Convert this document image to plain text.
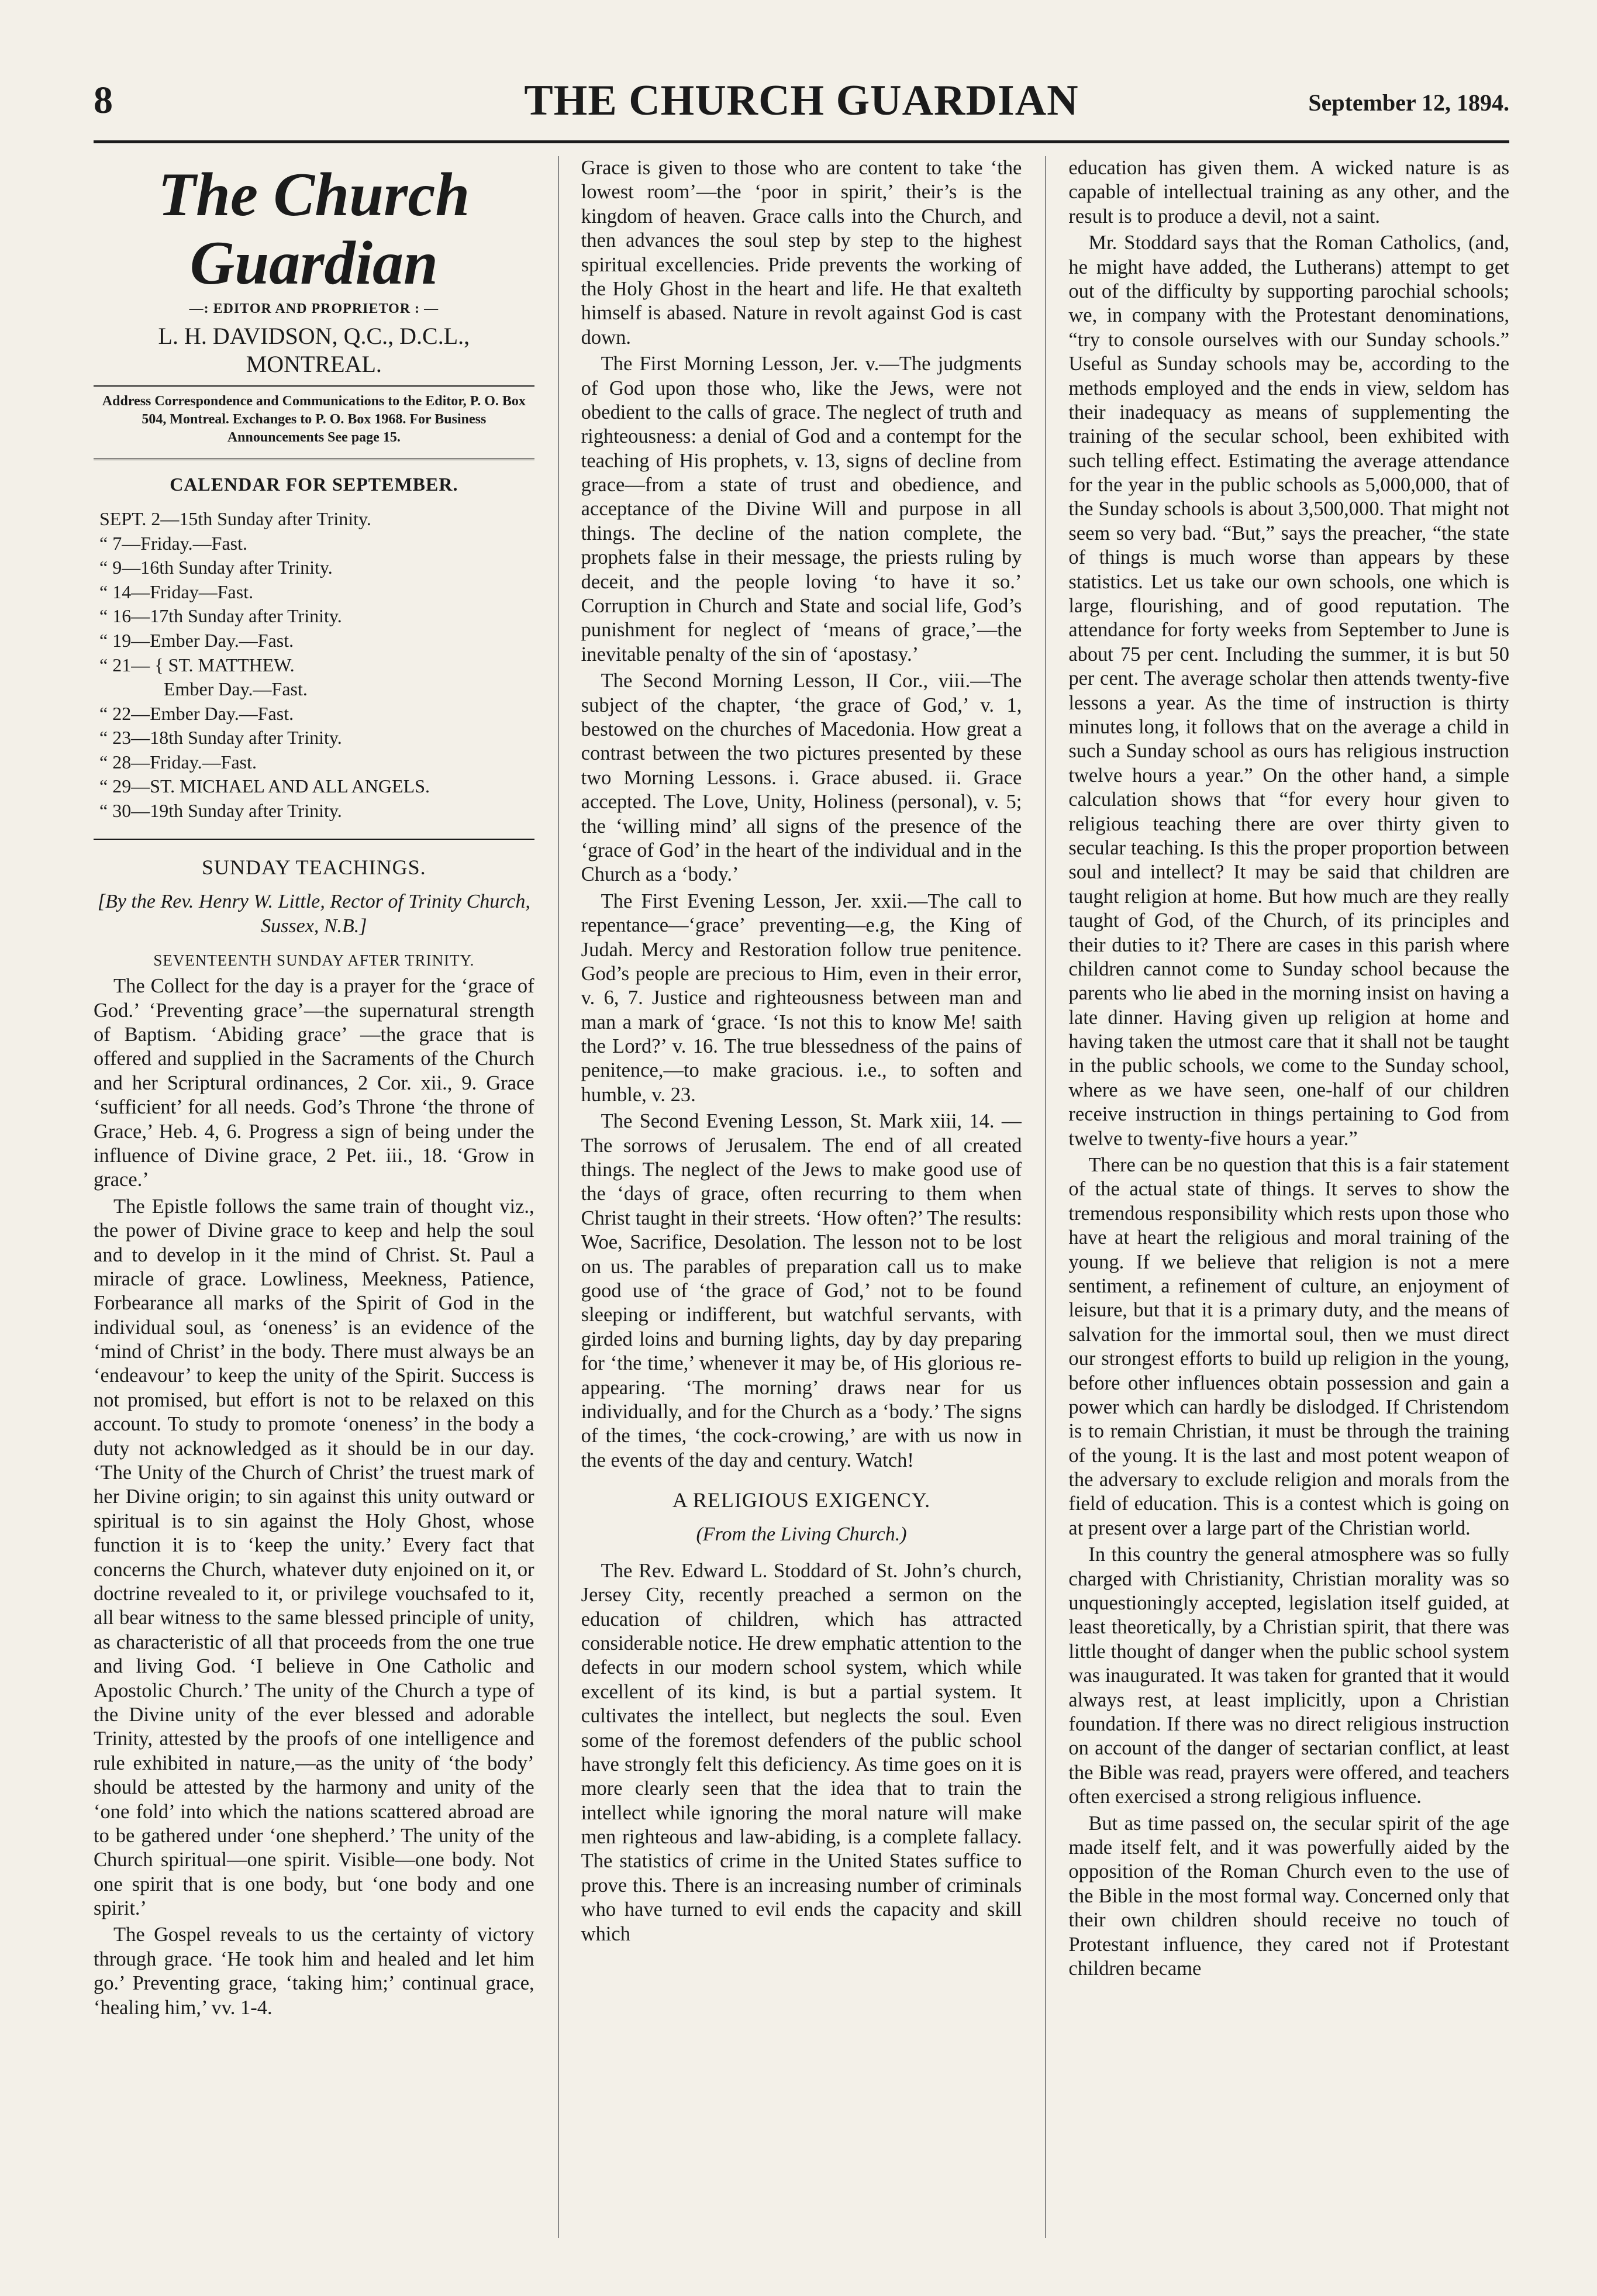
8	THE CHURCH GUARDIAN	September 12, 1894.
The Church Guardian
—: EDITOR AND PROPRIETOR : —
L. H. DAVIDSON, Q.C., D.C.L., MONTREAL.
Address Correspondence and Communications to the Editor, P. O. Box 504, Montreal. Exchanges to P. O. Box 1968. For Business Announcements See page 15.
CALENDAR FOR SEPTEMBER.
SEPT. 2—15th Sunday after Trinity.
“ 7—Friday.—Fast.
“ 9—16th Sunday after Trinity.
“ 14—Friday—Fast.
“ 16—17th Sunday after Trinity.
“ 19—Ember Day.—Fast.
“ 21— { ST. MATTHEW.
Ember Day.—Fast.
“ 22—Ember Day.—Fast.
“ 23—18th Sunday after Trinity.
“ 28—Friday.—Fast.
“ 29—ST. MICHAEL AND ALL ANGELS.
“ 30—19th Sunday after Trinity.
SUNDAY TEACHINGS.
[By the Rev. Henry W. Little, Rector of Trinity Church, Sussex, N.B.]
SEVENTEENTH SUNDAY AFTER TRINITY.

The Collect for the day is a prayer for the ‘grace of God.’ ‘Preventing grace’—the supernatural strength of Baptism. ‘Abiding grace’ —the grace that is offered and supplied in the Sacraments of the Church and her Scriptural ordinances, 2 Cor. xii., 9. Grace ‘sufficient’ for all needs. God’s Throne ‘the throne of Grace,’ Heb. 4, 6. Progress a sign of being under the influence of Divine grace, 2 Pet. iii., 18. ‘Grow in grace.’

The Epistle follows the same train of thought viz., the power of Divine grace to keep and help the soul and to develop in it the mind of Christ. St. Paul a miracle of grace. Lowliness, Meekness, Patience, Forbearance all marks of the Spirit of God in the individual soul, as ‘oneness’ is an evidence of the ‘mind of Christ’ in the body. There must always be an ‘endeavour’ to keep the unity of the Spirit. Success is not promised, but effort is not to be relaxed on this account. To study to promote ‘oneness’ in the body a duty not acknowledged as it should be in our day. ‘The Unity of the Church of Christ’ the truest mark of her Divine origin; to sin against this unity outward or spiritual is to sin against the Holy Ghost, whose function it is to ‘keep the unity.’ Every fact that concerns the Church, whatever duty enjoined on it, or doctrine revealed to it, or privilege vouchsafed to it, all bear witness to the same blessed principle of unity, as characteristic of all that proceeds from the one true and living God. ‘I believe in One Catholic and Apostolic Church.’ The unity of the Church a type of the Divine unity of the ever blessed and adorable Trinity, attested by the proofs of one intelligence and rule exhibited in nature,—as the unity of ‘the body’ should be attested by the harmony and unity of the ‘one fold’ into which the nations scattered abroad are to be gathered under ‘one shepherd.’ The unity of the Church spiritual—one spirit. Visible—one body. Not one spirit that is one body, but ‘one body and one spirit.’

The Gospel reveals to us the certainty of victory through grace. ‘He took him and healed and let him go.’ Preventing grace, ‘taking him;’ continual grace, ‘healing him,’ vv. 1-4.

Grace is given to those who are content to take ‘the lowest room’—the ‘poor in spirit,’ their’s is the kingdom of heaven. Grace calls into the Church, and then advances the soul step by step to the highest spiritual excellencies. Pride prevents the working of the Holy Ghost in the heart and life. He that exalteth himself is abased. Nature in revolt against God is cast down.

The First Morning Lesson, Jer. v.—The judgments of God upon those who, like the Jews, were not obedient to the calls of grace. The neglect of truth and righteousness: a denial of God and a contempt for the teaching of His prophets, v. 13, signs of decline from grace—from a state of trust and obedience, and acceptance of the Divine Will and purpose in all things. The decline of the nation complete, the prophets false in their message, the priests ruling by deceit, and the people loving ‘to have it so.’ Corruption in Church and State and social life, God’s punishment for neglect of ‘means of grace,’—the inevitable penalty of the sin of ‘apostasy.’

The Second Morning Lesson, II Cor., viii.—The subject of the chapter, ‘the grace of God,’ v. 1, bestowed on the churches of Macedonia. How great a contrast between the two pictures presented by these two Morning Lessons. i. Grace abused. ii. Grace accepted. The Love, Unity, Holiness (personal), v. 5; the ‘willing mind’ all signs of the presence of the ‘grace of God’ in the heart of the individual and in the Church as a ‘body.’

The First Evening Lesson, Jer. xxii.—The call to repentance—‘grace’ preventing—e.g, the King of Judah. Mercy and Restoration follow true penitence. God’s people are precious to Him, even in their error, v. 6, 7. Justice and righteousness between man and man a mark of ‘grace. ‘Is not this to know Me! saith the Lord?’ v. 16. The true blessedness of the pains of penitence,—to make gracious. i.e., to soften and humble, v. 23.

The Second Evening Lesson, St. Mark xiii, 14. —The sorrows of Jerusalem. The end of all created things. The neglect of the Jews to make good use of the ‘days of grace, often recurring to them when Christ taught in their streets. ‘How often?’ The results: Woe, Sacrifice, Desolation. The lesson not to be lost on us. The parables of preparation call us to make good use of ‘the grace of God,’ not to be found sleeping or indifferent, but watchful servants, with girded loins and burning lights, day by day preparing for ‘the time,’ whenever it may be, of His glorious re-appearing. ‘The morning’ draws near for us individually, and for the Church as a ‘body.’ The signs of the times, ‘the cock-crowing,’ are with us now in the events of the day and century. Watch!

A RELIGIOUS EXIGENCY.
(From the Living Church.)

The Rev. Edward L. Stoddard of St. John’s church, Jersey City, recently preached a sermon on the education of children, which has attracted considerable notice. He drew emphatic attention to the defects in our modern school system, which while excellent of its kind, is but a partial system. It cultivates the intellect, but neglects the soul. Even some of the foremost defenders of the public school have strongly felt this deficiency. As time goes on it is more clearly seen that the idea that to train the intellect while ignoring the moral nature will make men righteous and law-abiding, is a complete fallacy. The statistics of crime in the United States suffice to prove this. There is an increasing number of criminals who have turned to evil ends the capacity and skill which

education has given them. A wicked nature is as capable of intellectual training as any other, and the result is to produce a devil, not a saint.

Mr. Stoddard says that the Roman Catholics, (and, he might have added, the Lutherans) attempt to get out of the difficulty by supporting parochial schools; we, in company with the Protestant denominations, “try to console ourselves with our Sunday schools.” Useful as Sunday schools may be, according to the methods employed and the ends in view, seldom has their inadequacy as means of supplementing the training of the secular school, been exhibited with such telling effect. Estimating the average attendance for the year in the public schools as 5,000,000, that of the Sunday schools is about 3,500,000. That might not seem so very bad. “But,” says the preacher, “the state of things is much worse than appears by these statistics. Let us take our own schools, one which is large, flourishing, and of good reputation. The attendance for forty weeks from September to June is about 75 per cent. Including the summer, it is but 50 per cent. The average scholar then attends twenty-five lessons a year. As the time of instruction is thirty minutes long, it follows that on the average a child in such a Sunday school as ours has religious instruction twelve hours a year.” On the other hand, a simple calculation shows that “for every hour given to religious teaching there are over thirty given to secular teaching. Is this the proper proportion between soul and intellect? It may be said that children are taught religion at home. But how much are they really taught of God, of the Church, of its principles and their duties to it? There are cases in this parish where children cannot come to Sunday school because the parents who lie abed in the morning insist on having a late dinner. Having given up religion at home and having taken the utmost care that it shall not be taught in the public schools, we come to the Sunday school, where as we have seen, one-half of our children receive instruction in things pertaining to God from twelve to twenty-five hours a year.”

There can be no question that this is a fair statement of the actual state of things. It serves to show the tremendous responsibility which rests upon those who have at heart the religious and moral training of the young. If we believe that religion is not a mere sentiment, a refinement of culture, an enjoyment of leisure, but that it is a primary duty, and the means of salvation for the immortal soul, then we must direct our strongest efforts to build up religion in the young, before other influences obtain possession and gain a power which can hardly be dislodged. If Christendom is to remain Christian, it must be through the training of the young. It is the last and most potent weapon of the adversary to exclude religion and morals from the field of education. This is a contest which is going on at present over a large part of the Christian world.

In this country the general atmosphere was so fully charged with Christianity, Christian morality was so unquestioningly accepted, legislation itself guided, at least theoretically, by a Christian spirit, that there was little thought of danger when the public school system was inaugurated. It was taken for granted that it would always rest, at least implicitly, upon a Christian foundation. If there was no direct religious instruction on account of the danger of sectarian conflict, at least the Bible was read, prayers were offered, and teachers often exercised a strong religious influence.

But as time passed on, the secular spirit of the age made itself felt, and it was powerfully aided by the opposition of the Roman Church even to the use of the Bible in the most formal way. Concerned only that their own children should receive no touch of Protestant influence, they cared not if Protestant children became
